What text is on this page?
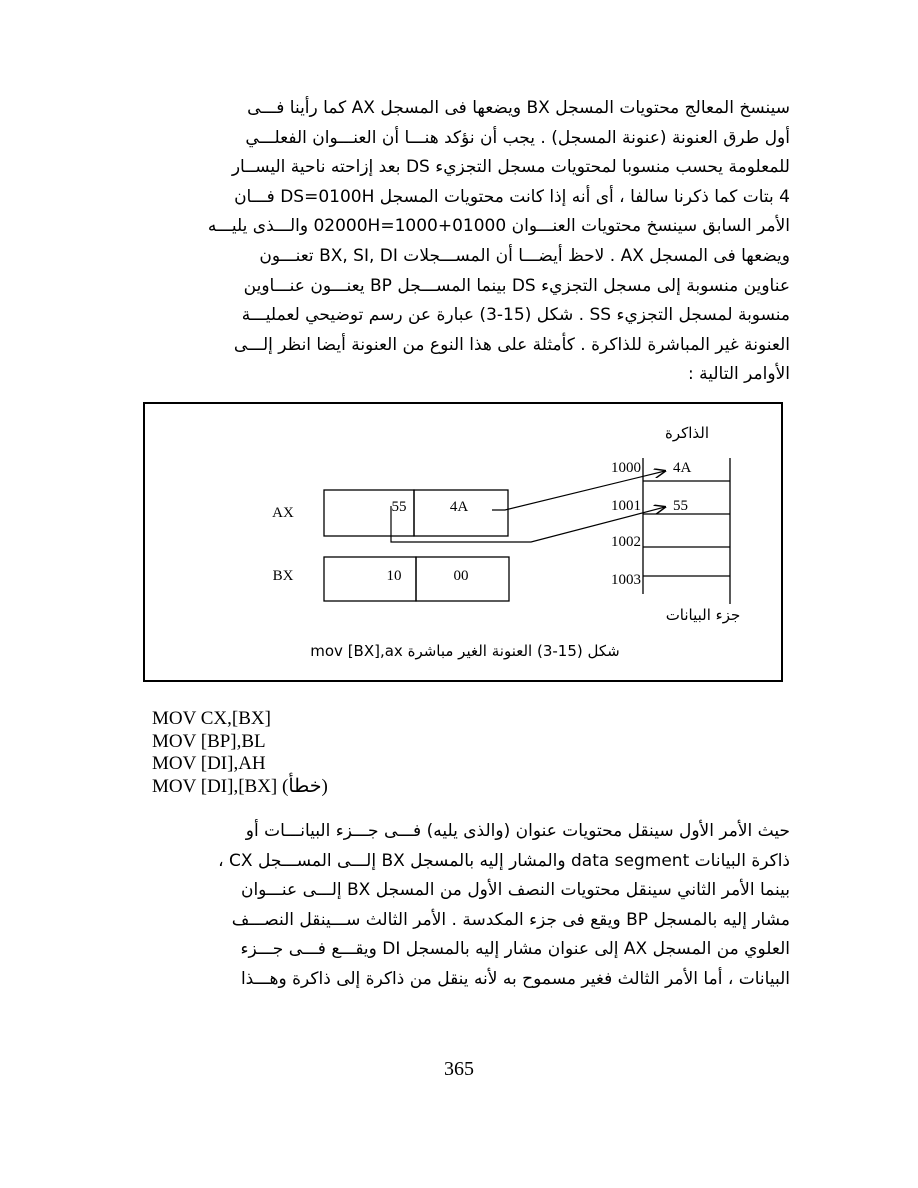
سينسخ المعالج محتويات المسجل BX ويضعها فى المسجل AX كما رأينا فـــى
أول طرق العنونة (عنونة المسجل) . يجب أن نؤكد هنـــا أن العنـــوان الفعلـــي
للمعلومة يحسب منسوبا لمحتويات مسجل التجزيء DS بعد إزاحته ناحية اليســار
4 بتات كما ذكرنا سالفا ، أى أنه إذا كانت محتويات المسجل DS=0100H فـــان
الأمر السابق سينسخ محتويات العنـــوان 01000+1000=02000H والـــذى يليـــه
ويضعها فى المسجل AX . لاحظ أيضـــا أن المســـجلات BX, SI, DI تعنـــون
عناوين منسوبة إلى مسجل التجزيء DS بينما المســـجل BP يعنـــون عنـــاوين
منسوبة لمسجل التجزيء SS . شكل (15-3) عبارة عن رسم توضيحي لعمليـــة
العنونة غير المباشرة للذاكرة . كأمثلة على هذا النوع من العنونة أيضا انظر إلـــى
الأوامر التالية :
الذاكرة
1000
1001
1002
1003
4A
55
AX	55	4A
BX	10	00
جزء البيانات
شكل (15-3) العنونة الغير مباشرة mov [BX],ax
MOV CX,[BX]
MOV [BP],BL
MOV [DI],AH
MOV [DI],[BX] (خطأ)
حيث الأمر الأول سينقل محتويات عنوان (والذى يليه) فـــى جـــزء البيانـــات أو
ذاكرة البيانات data segment والمشار إليه بالمسجل BX إلـــى المســـجل CX ،
بينما الأمر الثاني سينقل محتويات النصف الأول من المسجل BX إلـــى عنـــوان
مشار إليه بالمسجل BP ويقع فى جزء المكدسة . الأمر الثالث ســـينقل النصـــف
العلوي من المسجل AX إلى عنوان مشار إليه بالمسجل DI ويقـــع فـــى جـــزء
البيانات ، أما الأمر الثالث فغير مسموح به لأنه ينقل من ذاكرة إلى ذاكرة وهـــذا
365
